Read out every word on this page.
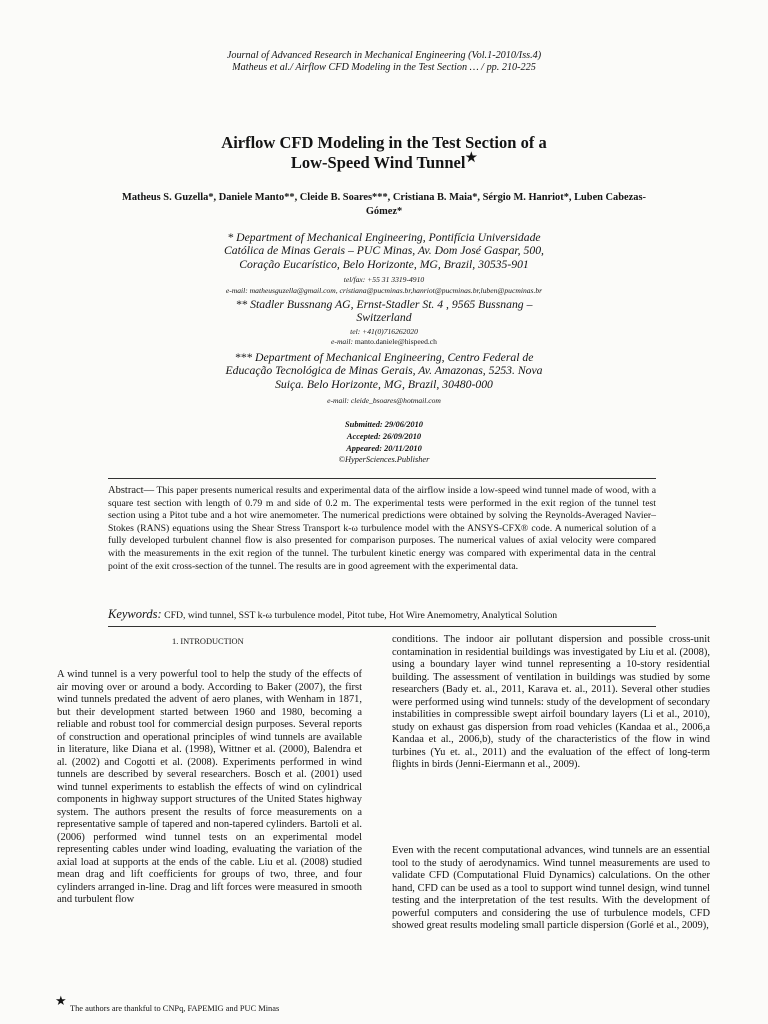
Journal of Advanced Research in Mechanical Engineering (Vol.1-2010/Iss.4)
Matheus et al./ Airflow CFD Modeling in the Test Section … / pp. 210-225
Airflow CFD Modeling in the Test Section of a
Low-Speed Wind Tunnel★
Matheus S. Guzella*, Daniele Manto**, Cleide B. Soares***, Cristiana B. Maia*, Sérgio M. Hanriot*, Luben Cabezas-
Gómez*
* Department of Mechanical Engineering, Pontifícia Universidade
Católica de Minas Gerais – PUC Minas, Av. Dom José Gaspar, 500,
Coração Eucarístico, Belo Horizonte, MG, Brazil, 30535-901
tel/fax: +55 31 3319-4910
e-mail: matheusguzella@gmail.com, cristiana@pucminas.br,hanriot@pucminas.br,luben@pucminas.br
** Stadler Bussnang AG, Ernst-Stadler St. 4 , 9565 Bussnang –
Switzerland
tel: +41(0)716262020
e-mail: manto.daniele@hispeed.ch
*** Department of Mechanical Engineering, Centro Federal de
Educação Tecnológica de Minas Gerais, Av. Amazonas, 5253. Nova
Suiça. Belo Horizonte, MG, Brazil, 30480-000
e-mail: cleide_bsoares@hotmail.com
Submitted: 29/06/2010
Accepted: 26/09/2010
Appeared: 20/11/2010
©HyperSciences.Publisher
Abstract— This paper presents numerical results and experimental data of the airflow inside a low-speed wind tunnel made of wood, with a square test section with length of 0.79 m and side of 0.2 m. The experimental tests were performed in the exit region of the tunnel test section using a Pitot tube and a hot wire anemometer. The numerical predictions were obtained by solving the Reynolds-Averaged Navier–Stokes (RANS) equations using the Shear Stress Transport k-ω turbulence model with the ANSYS-CFX® code. A numerical solution of a fully developed turbulent channel flow is also presented for comparison purposes. The numerical values of axial velocity were compared with the measurements in the exit region of the tunnel. The turbulent kinetic energy was compared with experimental data in the central point of the exit cross-section of the tunnel. The results are in good agreement with the experimental data.
Keywords: CFD, wind tunnel, SST k-ω turbulence model, Pitot tube, Hot Wire Anemometry, Analytical Solution
1. INTRODUCTION

A wind tunnel is a very powerful tool to help the study of the effects of air moving over or around a body. According to Baker (2007), the first wind tunnels predated the advent of aero planes, with Wenham in 1871, but their development started between 1960 and 1980, becoming a reliable and robust tool for commercial design purposes. Several reports of construction and operational principles of wind tunnels are available in literature, like Diana et al. (1998), Wittner et al. (2000), Balendra et al. (2002) and Cogotti et al. (2008). Experiments performed in wind tunnels are described by several researchers. Bosch et al. (2001) used wind tunnel experiments to establish the effects of wind on cylindrical components in highway support structures of the United States highway system. The authors present the results of force measurements on a representative sample of tapered and non-tapered cylinders. Bartoli et al. (2006) performed wind tunnel tests on an experimental model representing cables under wind loading, evaluating the variation of the axial load at supports at the ends of the cable. Liu et al. (2008) studied mean drag and lift coefficients for groups of two, three, and four cylinders arranged in-line. Drag and lift forces were measured in smooth and turbulent flow

conditions. The indoor air pollutant dispersion and possible cross-unit contamination in residential buildings was investigated by Liu et al. (2008), using a boundary layer wind tunnel representing a 10-story residential building. The assessment of ventilation in buildings was studied by some researchers (Bady et. al., 2011, Karava et. al., 2011). Several other studies were performed using wind tunnels: study of the development of secondary instabilities in compressible swept airfoil boundary layers (Li et al., 2010), study on exhaust gas dispersion from road vehicles (Kandaa et al., 2006,a Kandaa et al., 2006,b), study of the characteristics of the flow in wind turbines (Yu et. al., 2011) and the evaluation of the effect of long-term flights in birds (Jenni-Eiermann et al., 2009).

Even with the recent computational advances, wind tunnels are an essential tool to the study of aerodynamics. Wind tunnel measurements are used to validate CFD (Computational Fluid Dynamics) calculations. On the other hand, CFD can be used as a tool to support wind tunnel design, wind tunnel testing and the interpretation of the test results. With the development of powerful computers and considering the use of turbulence models, CFD showed great results modeling small particle dispersion (Gorlé et al., 2009),

★
The authors are thankful to CNPq, FAPEMIG and PUC Minas
